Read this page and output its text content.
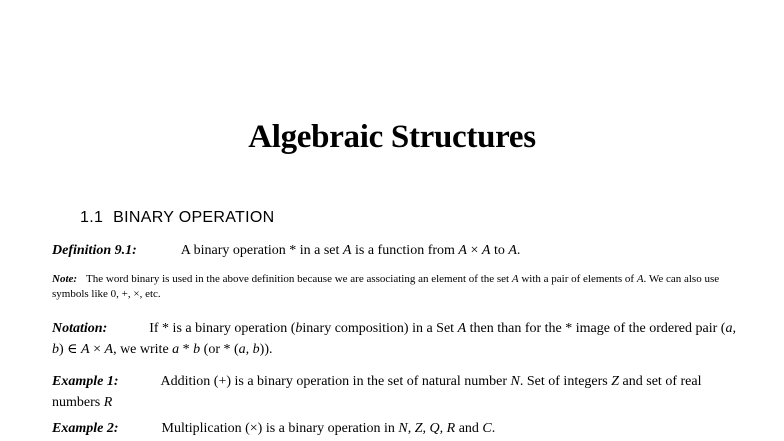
Algebraic Structures
1.1 BINARY OPERATION
Definition 9.1:	A binary operation * in a set A is a function from A × A to A.
Note: The word binary is used in the above definition because we are associating an element of the set A with a pair of elements of A. We can also use symbols like 0, +, ×, etc.
Notation:	If * is a binary operation (binary composition) in a Set A then than for the * image of the ordered pair (a, b) ∈ A × A, we write a * b (or * (a, b)).
Example 1:	Addition (+) is a binary operation in the set of natural number N. Set of integers Z and set of real numbers R
Example 2:	Multiplication (×) is a binary operation in N, Z, Q, R and C.
